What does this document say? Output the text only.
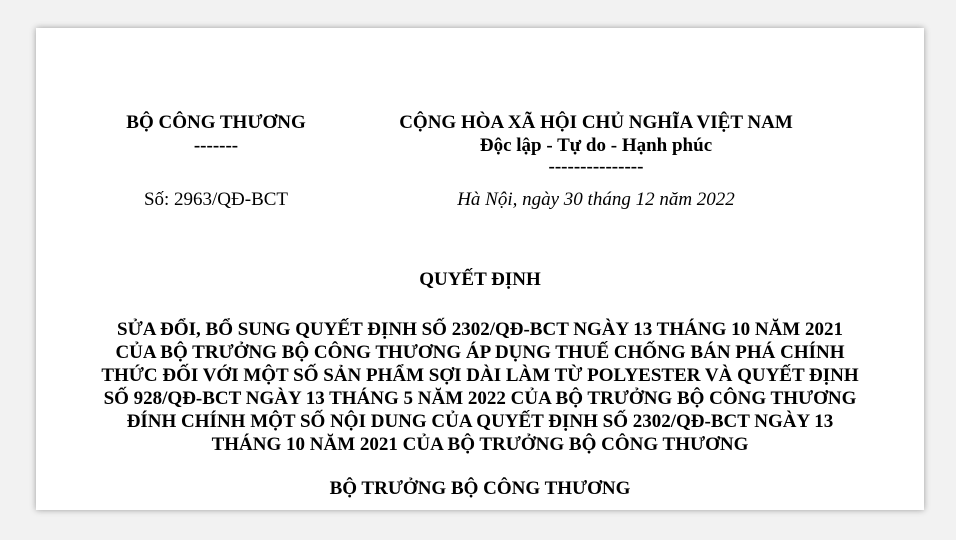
BỘ CÔNG THƯƠNG
-------
CỘNG HÒA XÃ HỘI CHỦ NGHĨA VIỆT NAM
Độc lập - Tự do - Hạnh phúc
---------------
Số: 2963/QĐ-BCT	Hà Nội, ngày 30 tháng 12 năm 2022
QUYẾT ĐỊNH
SỬA ĐỔI, BỔ SUNG QUYẾT ĐỊNH SỐ 2302/QĐ-BCT NGÀY 13 THÁNG 10 NĂM 2021
CỦA BỘ TRƯỞNG BỘ CÔNG THƯƠNG ÁP DỤNG THUẾ CHỐNG BÁN PHÁ CHÍNH
THỨC ĐỐI VỚI MỘT SỐ SẢN PHẨM SỢI DÀI LÀM TỪ POLYESTER VÀ QUYẾT ĐỊNH
SỐ 928/QĐ-BCT NGÀY 13 THÁNG 5 NĂM 2022 CỦA BỘ TRƯỞNG BỘ CÔNG THƯƠNG
ĐÍNH CHÍNH MỘT SỐ NỘI DUNG CỦA QUYẾT ĐỊNH SỐ 2302/QĐ-BCT NGÀY 13
THÁNG 10 NĂM 2021 CỦA BỘ TRƯỞNG BỘ CÔNG THƯƠNG
BỘ TRƯỞNG BỘ CÔNG THƯƠNG
